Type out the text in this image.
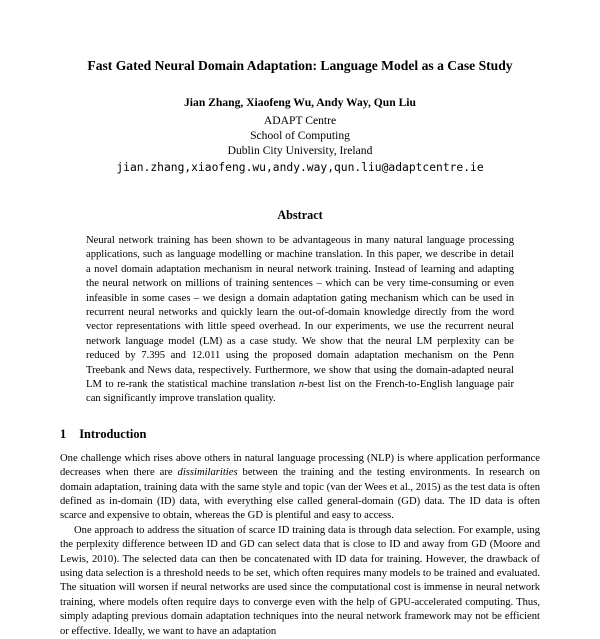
Fast Gated Neural Domain Adaptation: Language Model as a Case Study

Jian Zhang, Xiaofeng Wu, Andy Way, Qun Liu

ADAPT Centre

School of Computing

Dublin City University, Ireland

jian.zhang,xiaofeng.wu,andy.way,qun.liu@adaptcentre.ie

Abstract

Neural network training has been shown to be advantageous in many natural language processing applications, such as language modelling or machine translation. In this paper, we describe in detail a novel domain adaptation mechanism in neural network training. Instead of learning and adapting the neural network on millions of training sentences – which can be very time-consuming or even infeasible in some cases – we design a domain adaptation gating mechanism which can be used in recurrent neural networks and quickly learn the out-of-domain knowledge directly from the word vector representations with little speed overhead. In our experiments, we use the recurrent neural network language model (LM) as a case study. We show that the neural LM perplexity can be reduced by 7.395 and 12.011 using the proposed domain adaptation mechanism on the Penn Treebank and News data, respectively. Furthermore, we show that using the domain-adapted neural LM to re-rank the statistical machine translation n-best list on the French-to-English language pair can significantly improve translation quality.

1 Introduction

One challenge which rises above others in natural language processing (NLP) is where application performance decreases when there are dissimilarities between the training and the testing environments. In research on domain adaptation, training data with the same style and topic (van der Wees et al., 2015) as the test data is often defined as in-domain (ID) data, with everything else called general-domain (GD) data. The ID data is often scarce and expensive to obtain, whereas the GD is plentiful and easy to access.

One approach to address the situation of scarce ID training data is through data selection. For example, using the perplexity difference between ID and GD can select data that is close to ID and away from GD (Moore and Lewis, 2010). The selected data can then be concatenated with ID data for training. However, the drawback of using data selection is a threshold needs to be set, which often requires many models to be trained and evaluated. The situation will worsen if neural networks are used since the computational cost is immense in neural network training, where models often require days to converge even with the help of GPU-accelerated computing. Thus, simply adapting previous domain adaptation techniques into the neural network framework may not be efficient or effective. Ideally, we want to have an adaptation
